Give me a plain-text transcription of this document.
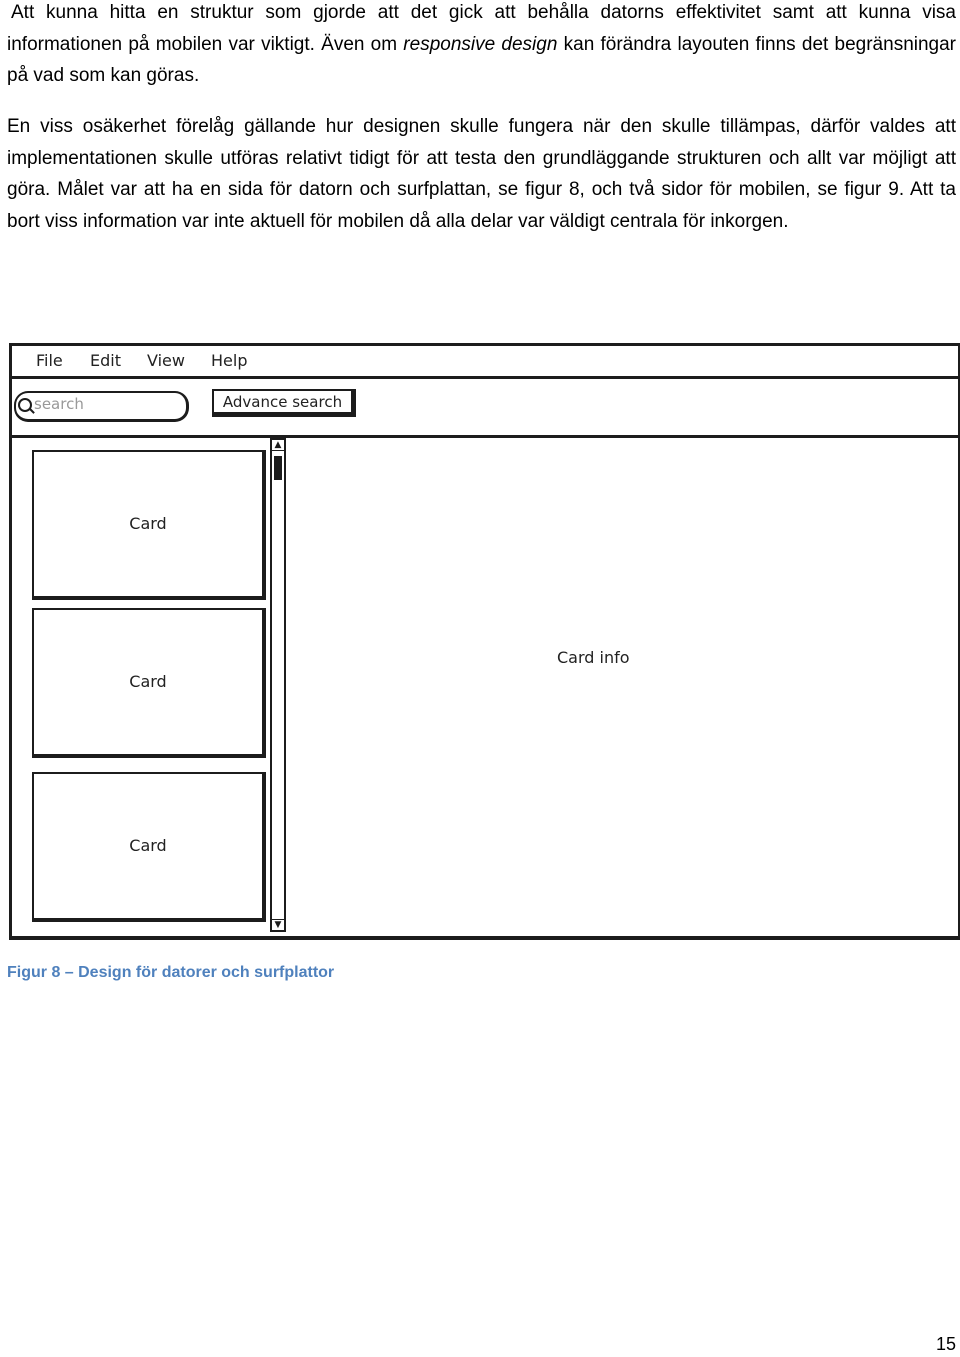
Att kunna hitta en struktur som gjorde att det gick att behålla datorns effektivitet samt att kunna visa informationen på mobilen var viktigt. Även om responsive design kan förändra layouten finns det begränsningar på vad som kan göras.
En viss osäkerhet förelåg gällande hur designen skulle fungera när den skulle tillämpas, därför valdes att implementationen skulle utföras relativt tidigt för att testa den grundläggande strukturen och allt var möjligt att göra. Målet var att ha en sida för datorn och surfplattan, se figur 8, och två sidor för mobilen, se figur 9. Att ta bort viss information var inte aktuell för mobilen då alla delar var väldigt centrala för inkorgen.
File Edit View Help
search
Advance search
Card
Card
Card
▲
▼
Card info
Figur 8 – Design för datorer och surfplattor
15
